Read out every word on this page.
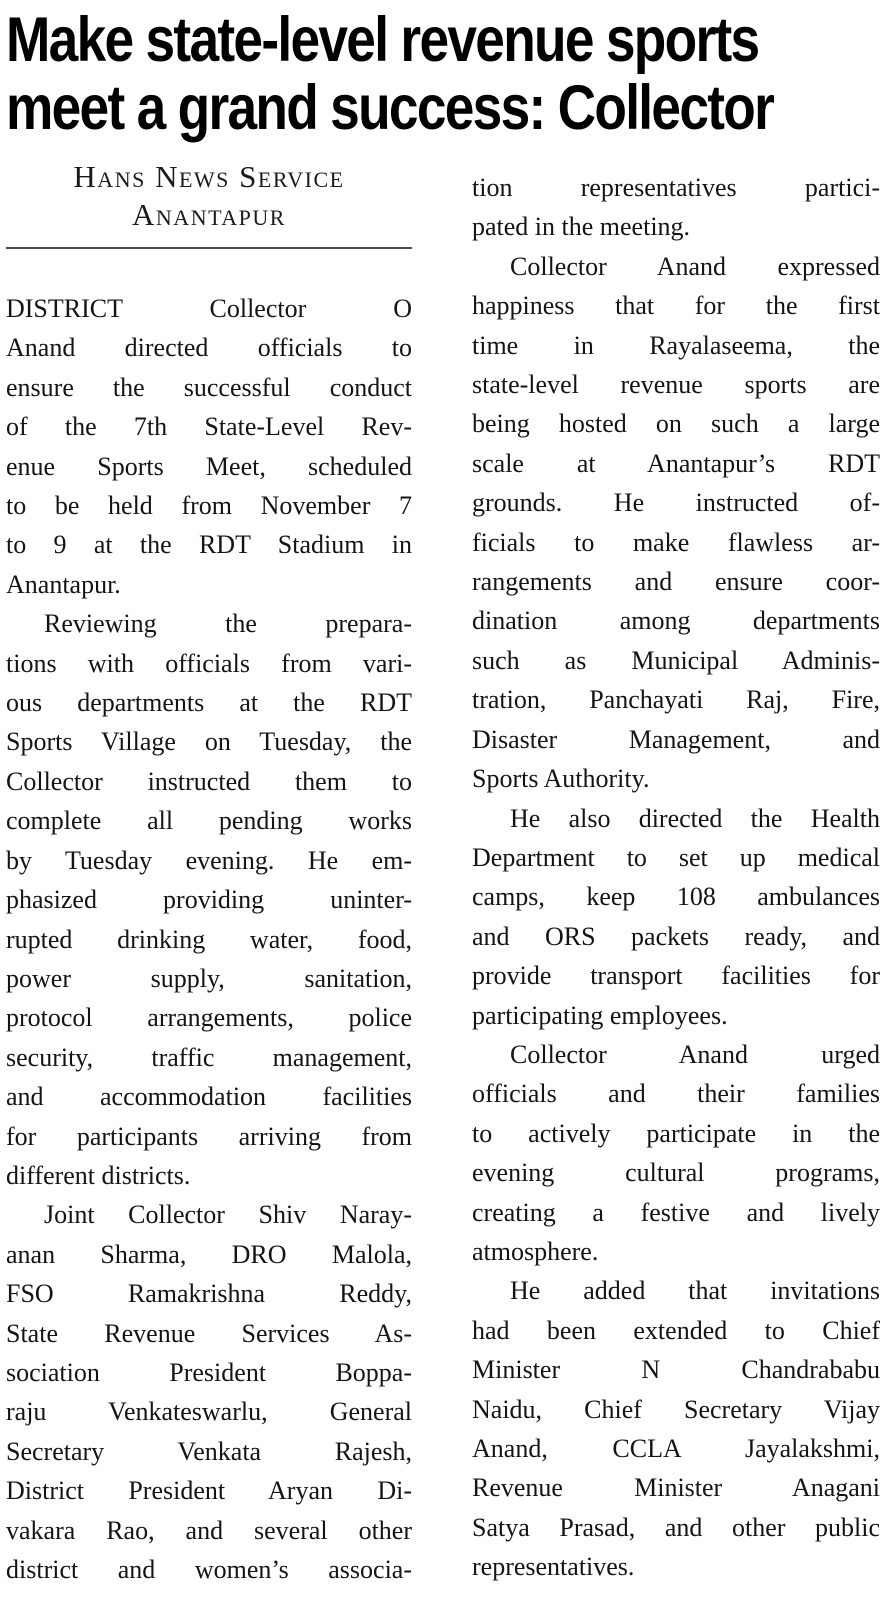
Make state-level revenue sports
meet a grand success: Collector
Hans News Service
Anantapur
DISTRICT Collector O
Anand directed officials to
ensure the successful conduct
of the 7th State-Level Rev-
enue Sports Meet, scheduled
to be held from November 7
to 9 at the RDT Stadium in
Anantapur.
Reviewing the prepara-
tions with officials from vari-
ous departments at the RDT
Sports Village on Tuesday, the
Collector instructed them to
complete all pending works
by Tuesday evening. He em-
phasized providing uninter-
rupted drinking water, food,
power supply, sanitation,
protocol arrangements, police
security, traffic management,
and accommodation facilities
for participants arriving from
different districts.
Joint Collector Shiv Naray-
anan Sharma, DRO Malola,
FSO Ramakrishna Reddy,
State Revenue Services As-
sociation President Boppa-
raju Venkateswarlu, General
Secretary Venkata Rajesh,
District President Aryan Di-
vakara Rao, and several other
district and women’s associa-
tion representatives partici-
pated in the meeting.
Collector Anand expressed
happiness that for the first
time in Rayalaseema, the
state-level revenue sports are
being hosted on such a large
scale at Anantapur’s RDT
grounds. He instructed of-
ficials to make flawless ar-
rangements and ensure coor-
dination among departments
such as Municipal Adminis-
tration, Panchayati Raj, Fire,
Disaster Management, and
Sports Authority.
He also directed the Health
Department to set up medical
camps, keep 108 ambulances
and ORS packets ready, and
provide transport facilities for
participating employees.
Collector Anand urged
officials and their families
to actively participate in the
evening cultural programs,
creating a festive and lively
atmosphere.
He added that invitations
had been extended to Chief
Minister N Chandrababu
Naidu, Chief Secretary Vijay
Anand, CCLA Jayalakshmi,
Revenue Minister Anagani
Satya Prasad, and other public
representatives.
